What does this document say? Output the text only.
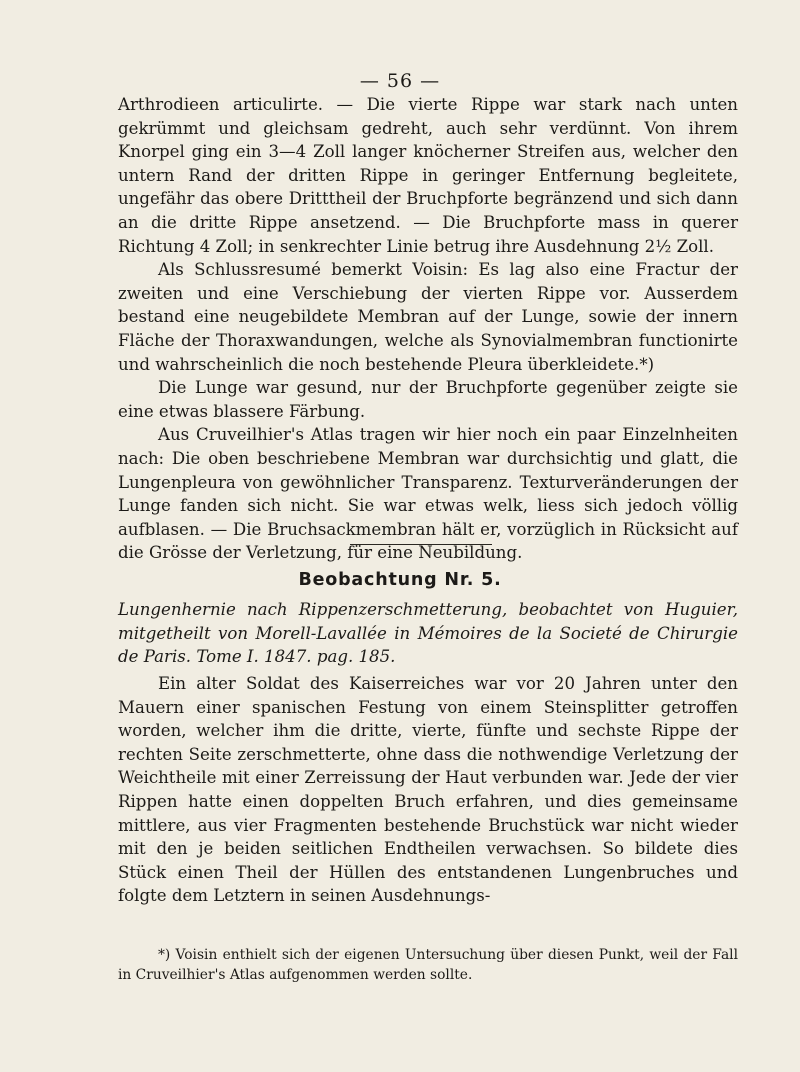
— 56 —

Arthrodieen articulirte. — Die vierte Rippe war stark nach unten gekrümmt und gleichsam gedreht, auch sehr verdünnt. Von ihrem Knorpel ging ein 3—4 Zoll langer knöcherner Streifen aus, welcher den untern Rand der dritten Rippe in geringer Entfernung begleitete, ungefähr das obere Dritttheil der Bruchpforte begränzend und sich dann an die dritte Rippe ansetzend. — Die Bruchpforte mass in querer Richtung 4 Zoll; in senkrechter Linie betrug ihre Ausdehnung 2½ Zoll.

Als Schlussresumé bemerkt Voisin: Es lag also eine Fractur der zweiten und eine Verschiebung der vierten Rippe vor. Ausserdem bestand eine neugebildete Membran auf der Lunge, sowie der innern Fläche der Thoraxwandungen, welche als Synovialmembran functionirte und wahrscheinlich die noch bestehende Pleura überkleidete.*)

Die Lunge war gesund, nur der Bruchpforte gegenüber zeigte sie eine etwas blassere Färbung.

Aus Cruveilhier's Atlas tragen wir hier noch ein paar Einzelnheiten nach: Die oben beschriebene Membran war durchsichtig und glatt, die Lungenpleura von gewöhnlicher Transparenz. Texturveränderungen der Lunge fanden sich nicht. Sie war etwas welk, liess sich jedoch völlig aufblasen. — Die Bruchsackmembran hält er, vorzüglich in Rücksicht auf die Grösse der Verletzung, für eine Neubildung.

Beobachtung Nr. 5.
Lungenhernie nach Rippenzerschmetterung, beobachtet von Huguier, mitgetheilt von Morell-Lavallée in Mémoires de la Societé de Chirurgie de Paris. Tome I. 1847. pag. 185.

Ein alter Soldat des Kaiserreiches war vor 20 Jahren unter den Mauern einer spanischen Festung von einem Steinsplitter getroffen worden, welcher ihm die dritte, vierte, fünfte und sechste Rippe der rechten Seite zerschmetterte, ohne dass die nothwendige Verletzung der Weichtheile mit einer Zerreissung der Haut verbunden war. Jede der vier Rippen hatte einen doppelten Bruch erfahren, und dies gemeinsame mittlere, aus vier Fragmenten bestehende Bruchstück war nicht wieder mit den je beiden seitlichen Endtheilen verwachsen. So bildete dies Stück einen Theil der Hüllen des entstandenen Lungenbruches und folgte dem Letztern in seinen Ausdehnungs-

*) Voisin enthielt sich der eigenen Untersuchung über diesen Punkt, weil der Fall in Cruveilhier's Atlas aufgenommen werden sollte.
